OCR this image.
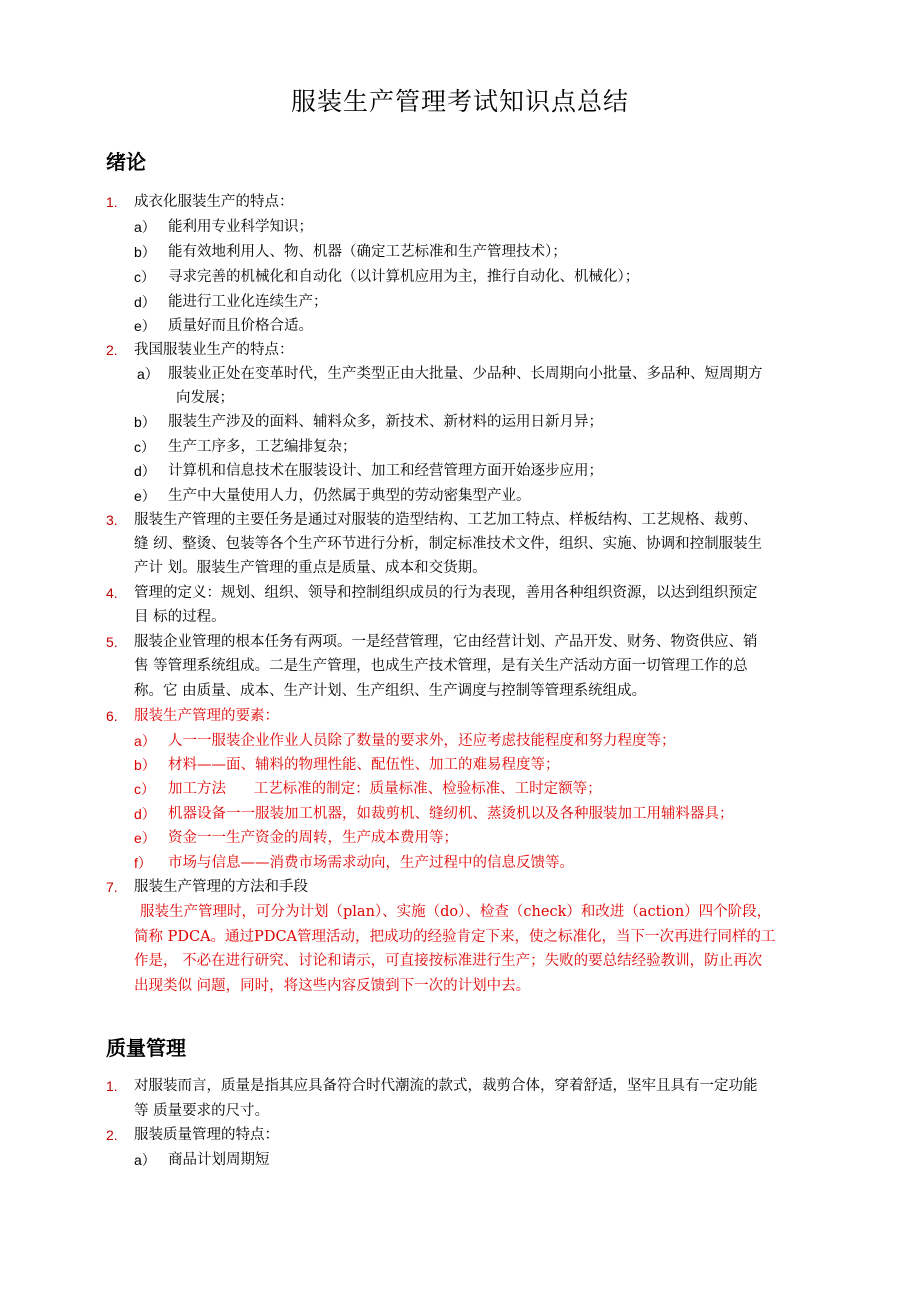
服装生产管理考试知识点总结
绪论
1. 成衣化服装生产的特点：
a） 能利用专业科学知识；
b） 能有效地利用人、物、机器（确定工艺标准和生产管理技术）；
c） 寻求完善的机械化和自动化（以计算机应用为主，推行自动化、机械化）；
d） 能进行工业化连续生产；
e） 质量好而且价格合适。
2. 我国服装业生产的特点：
a） 服装业正处在变革时代，生产类型正由大批量、少品种、长周期向小批量、多品种、短周期方
向发展；
b） 服装生产涉及的面料、辅料众多，新技术、新材料的运用日新月异；
c） 生产工序多，工艺编排复杂；
d） 计算机和信息技术在服装设计、加工和经营管理方面开始逐步应用；
e） 生产中大量使用人力，仍然属于典型的劳动密集型产业。
3. 服装生产管理的主要任务是通过对服装的造型结构、工艺加工特点、样板结构、工艺规格、裁剪、
缝 纫、整烫、包装等各个生产环节进行分析，制定标准技术文件，组织、实施、协调和控制服装生
产计 划。服装生产管理的重点是质量、成本和交货期。
4. 管理的定义：规划、组织、领导和控制组织成员的行为表现，善用各种组织资源，以达到组织预定
目 标的过程。
5. 服装企业管理的根本任务有两项。一是经营管理，它由经营计划、产品开发、财务、物资供应、销
售 等管理系统组成。二是生产管理，也成生产技术管理，是有关生产活动方面一切管理工作的总
称。它 由质量、成本、生产计划、生产组织、生产调度与控制等管理系统组成。
6. 服装生产管理的要素：
a） 人一一服装企业作业人员除了数量的要求外，还应考虑技能程度和努力程度等；
b） 材料——面、辅料的物理性能、配伍性、加工的难易程度等；
c） 加工方法      工艺标准的制定：质量标准、检验标准、工时定额等；
d） 机器设备一一服装加工机器，如裁剪机、缝纫机、蒸烫机以及各种服装加工用辅料器具；
e） 资金一一生产资金的周转，生产成本费用等；
f） 市场与信息——消费市场需求动向，生产过程中的信息反馈等。
7. 服装生产管理的方法和手段
服装生产管理时，可分为计划（plan）、实施（do）、检查（check）和改进（action）四个阶段，
简称 PDCA。通过PDCA管理活动，把成功的经验肯定下来，使之标准化，当下一次再进行同样的工
作是， 不必在进行研究、讨论和请示，可直接按标准进行生产；失败的要总结经验教训，防止再次
出现类似 问题，同时，将这些内容反馈到下一次的计划中去。
质量管理
1. 对服装而言，质量是指其应具备符合时代潮流的款式，裁剪合体，穿着舒适，坚牢且具有一定功能
等 质量要求的尺寸。
2. 服装质量管理的特点：
a） 商品计划周期短
